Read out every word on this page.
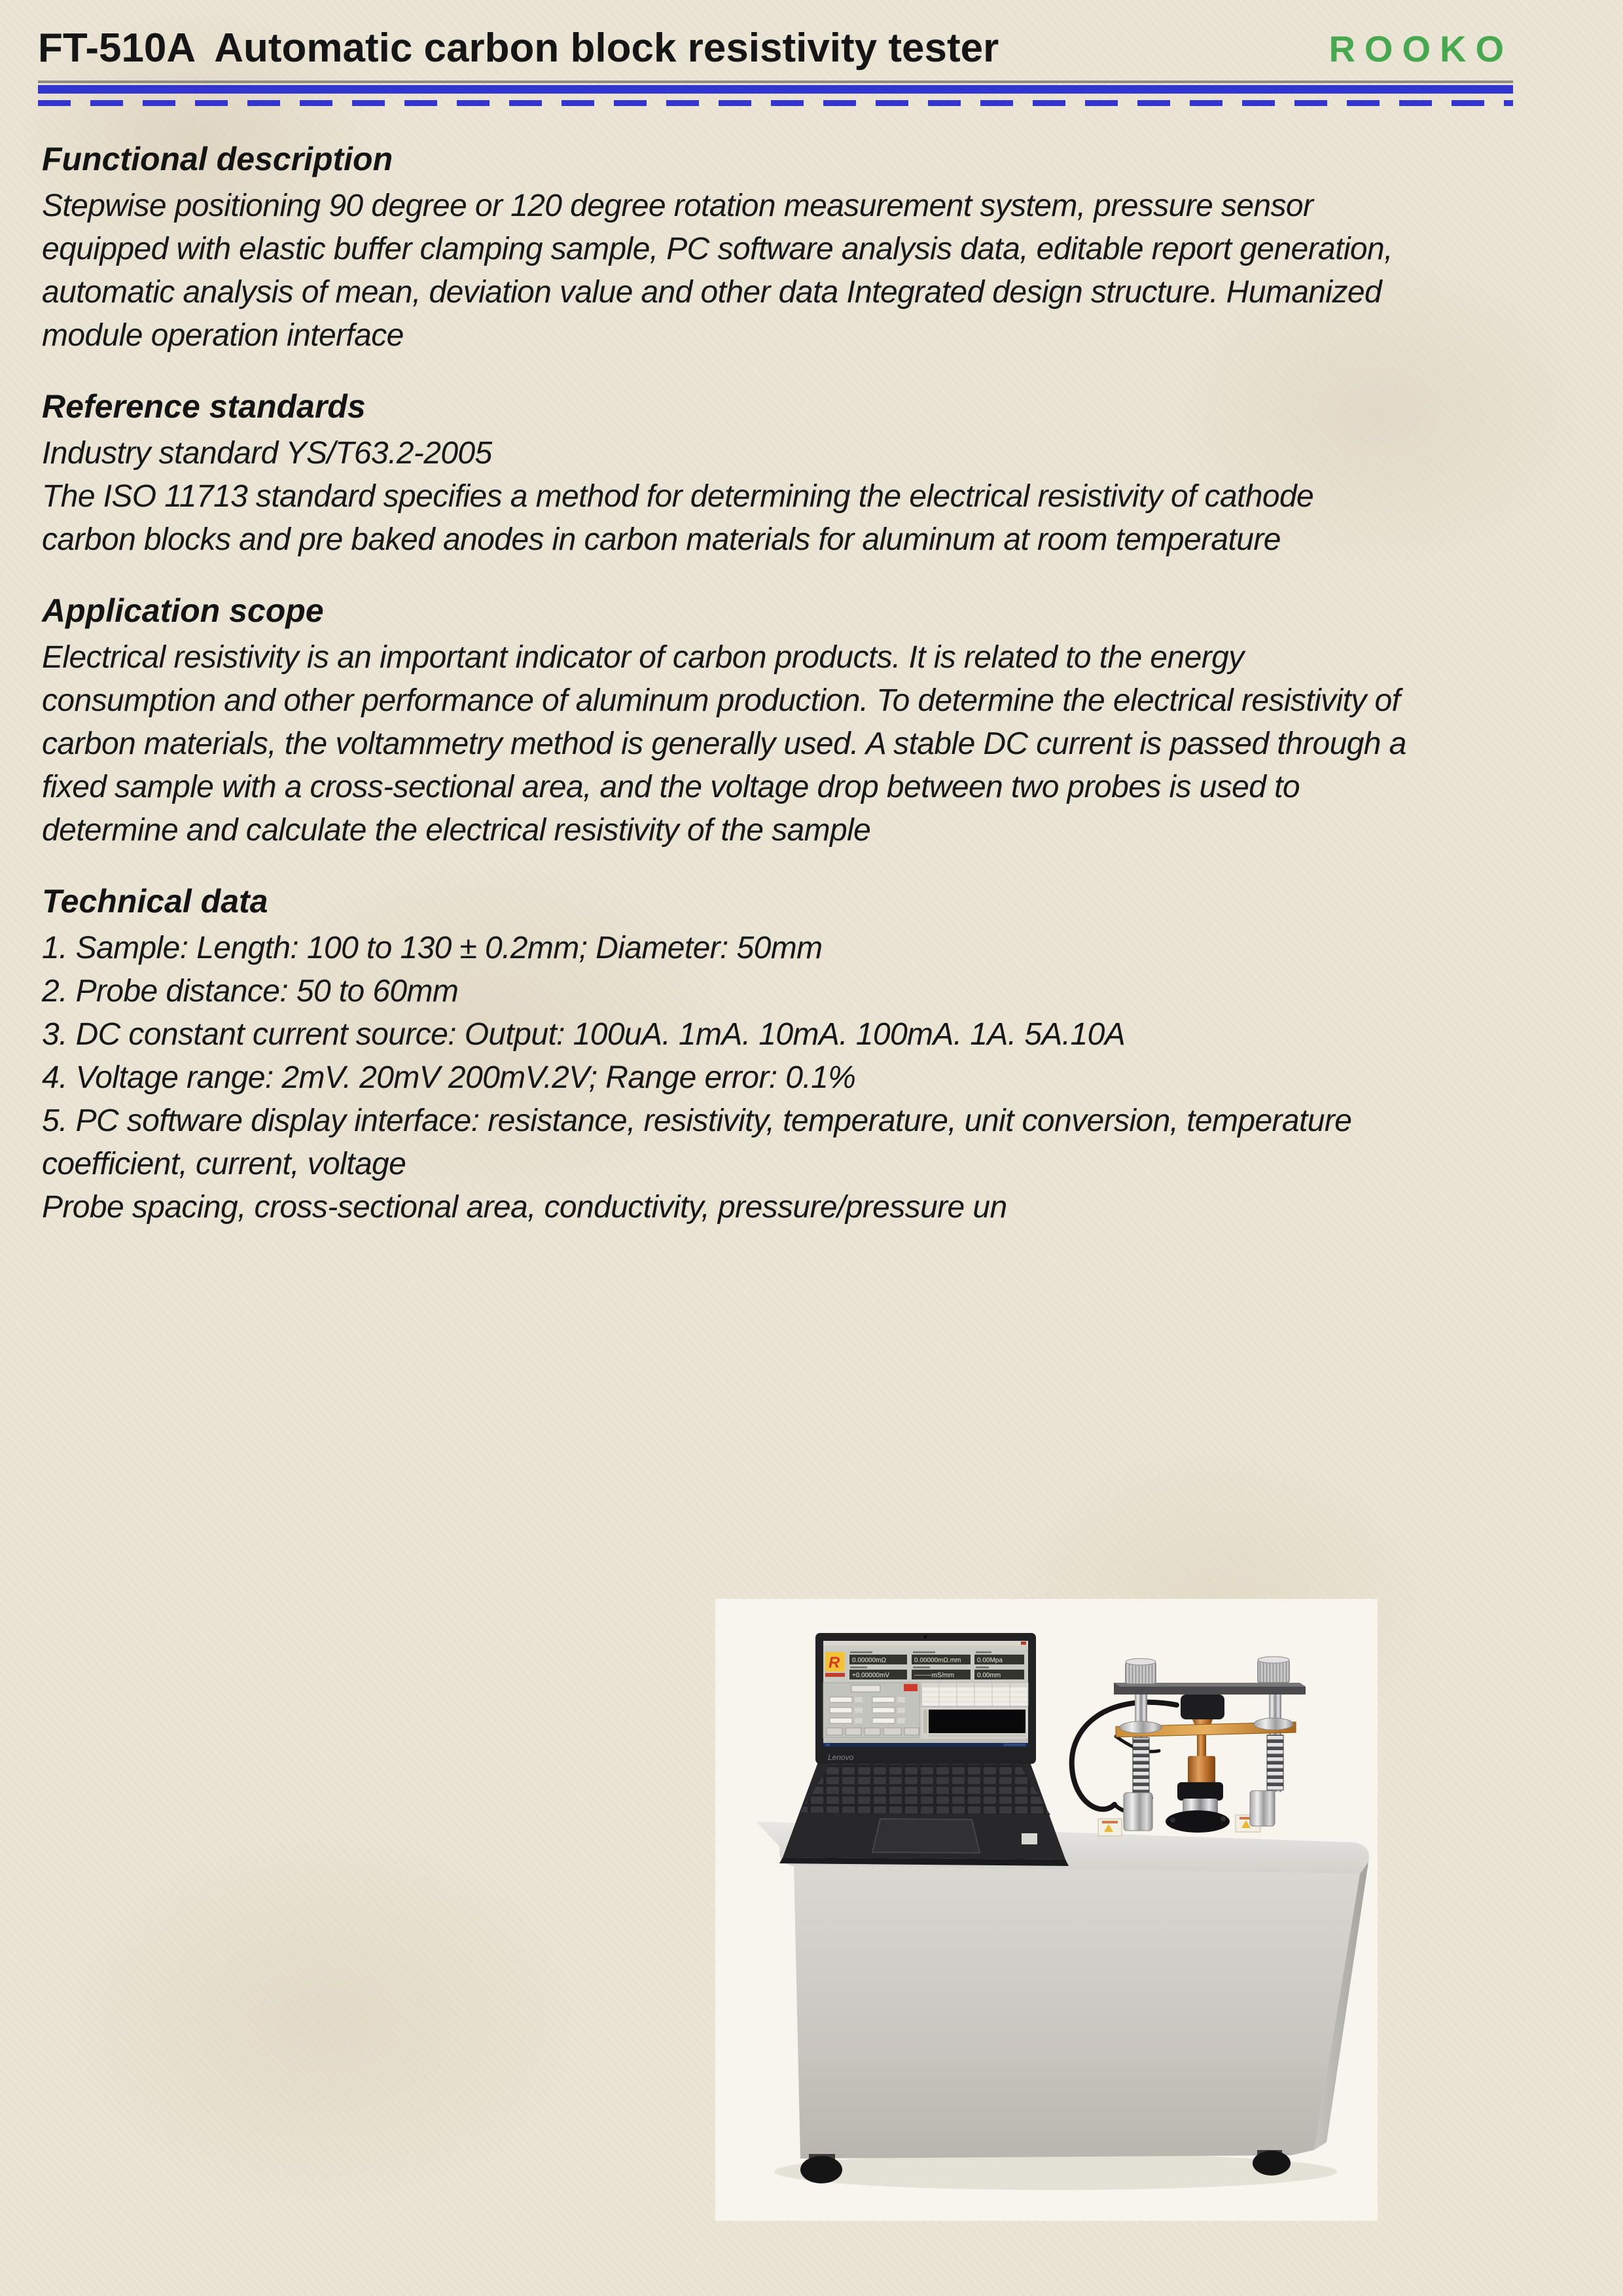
FT-510A Automatic carbon block resistivity tester	ROOKO
Functional description

Stepwise positioning 90 degree or 120 degree rotation measurement system, pressure sensor equipped with elastic buffer clamping sample, PC software analysis data, editable report generation, automatic analysis of mean, deviation value and other data Integrated design structure. Humanized module operation interface

Reference standards

Industry standard YS/T63.2-2005

The ISO 11713 standard specifies a method for determining the electrical resistivity of cathode carbon blocks and pre baked anodes in carbon materials for aluminum at room temperature

Application scope

Electrical resistivity is an important indicator of carbon products. It is related to the energy consumption and other performance of aluminum production. To determine the electrical resistivity of carbon materials, the voltammetry method is generally used. A stable DC current is passed through a fixed sample with a cross-sectional area, and the voltage drop between two probes is used to determine and calculate the electrical resistivity of the sample

Technical data

1. Sample: Length: 100 to 130 ± 0.2mm; Diameter: 50mm

2. Probe distance: 50 to 60mm

3. DC constant current source: Output: 100uA. 1mA. 10mA. 100mA. 1A. 5A.10A

4. Voltage range: 2mV. 20mV 200mV.2V; Range error: 0.1%

5. PC software display interface: resistance, resistivity, temperature, unit conversion, temperature coefficient, current, voltage

Probe spacing, cross-sectional area, conductivity, pressure/pressure un

Lenovo
R 0.00000mΩ	0.00000mΩ.mm 0.00Mpa
+0.00000mV	--------mS/mm	0.00mm
